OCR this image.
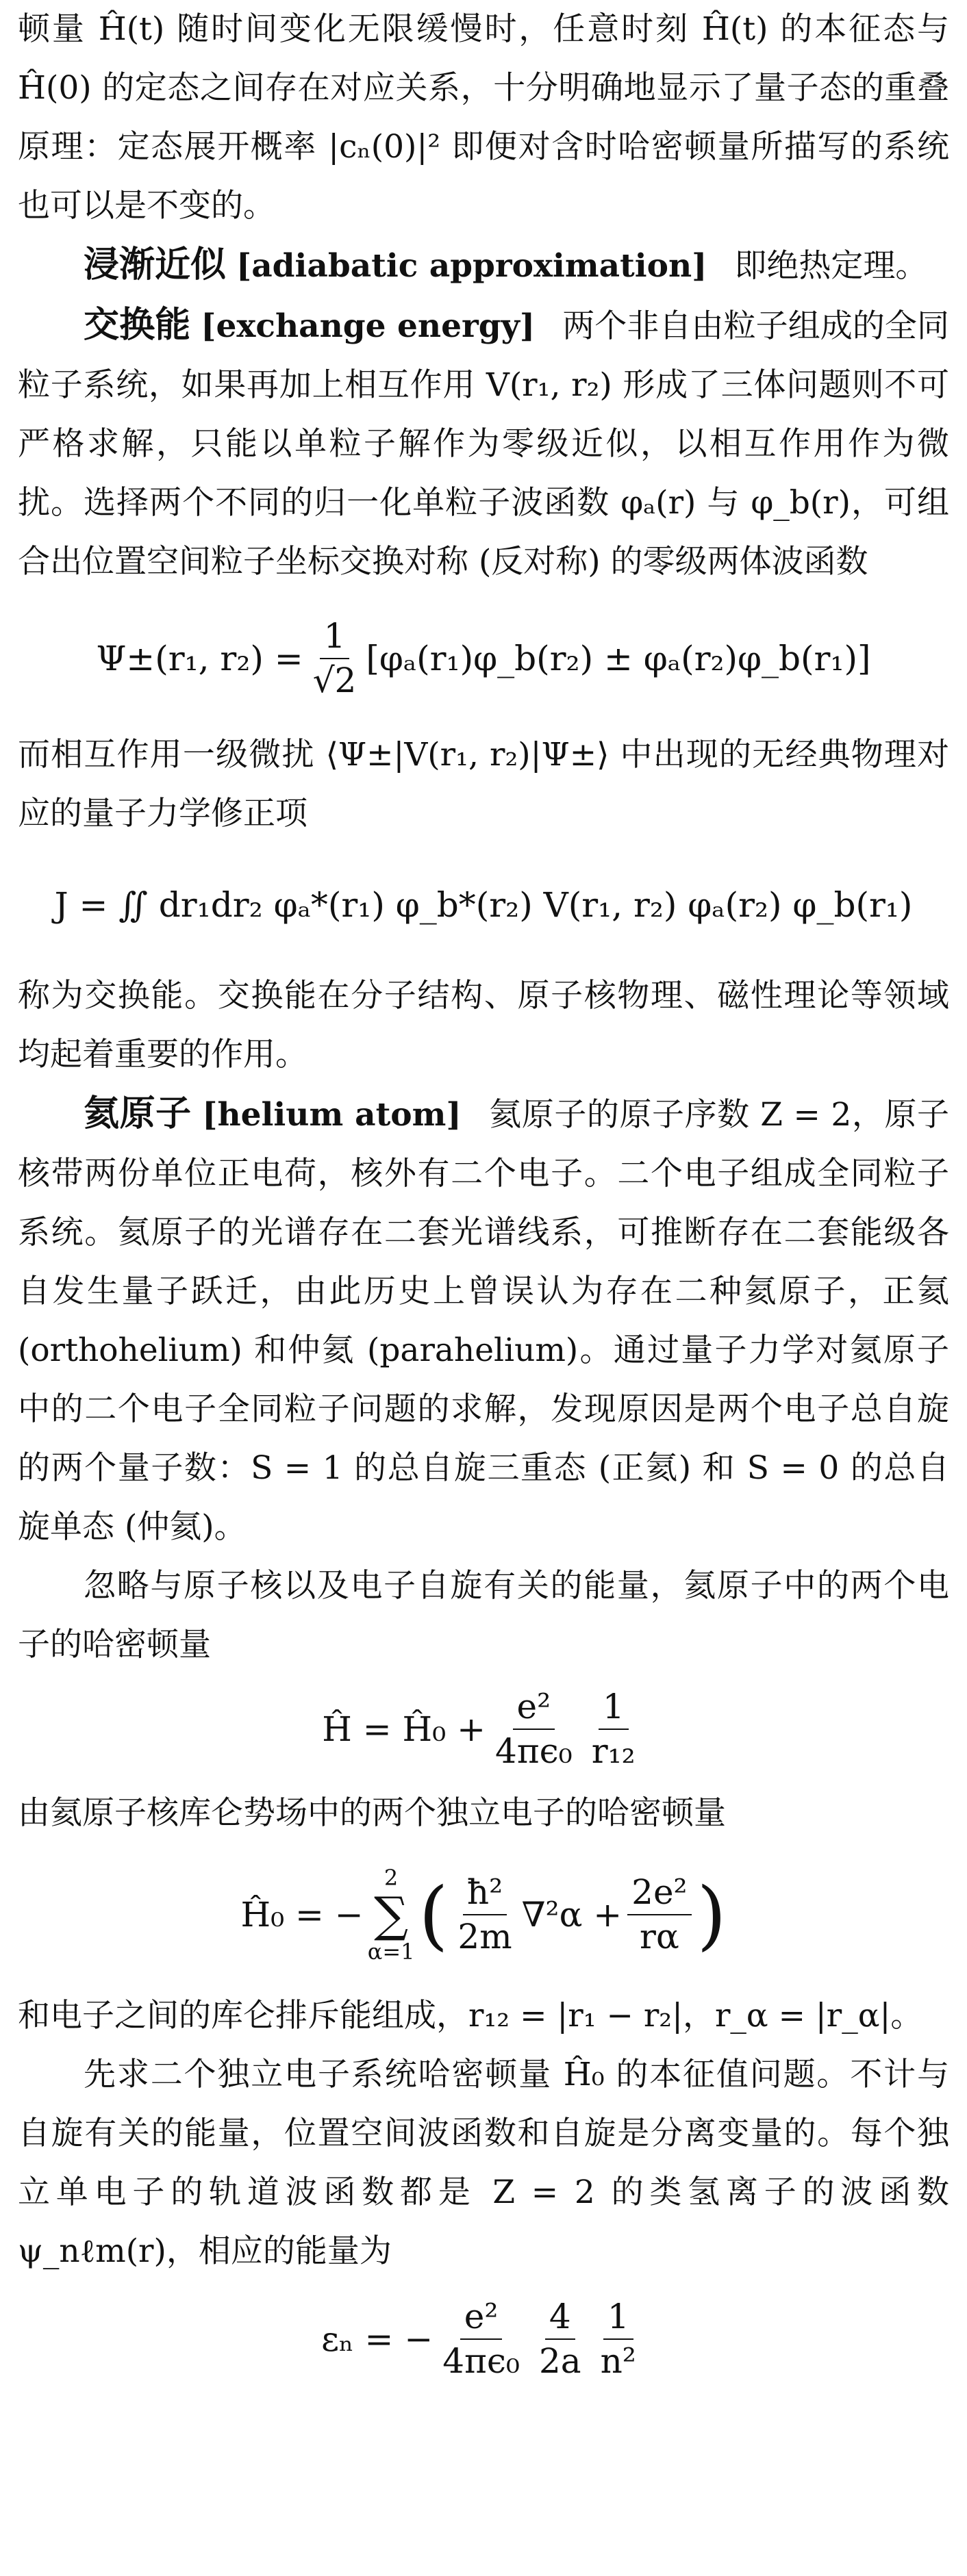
顿量 Ĥ(t) 随时间变化无限缓慢时，任意时刻 Ĥ(t) 的本征态与 Ĥ(0) 的定态之间存在对应关系，十分明确地显示了量子态的重叠原理：定态展开概率 |cₙ(0)|² 即便对含时哈密顿量所描写的系统也可以是不变的。

浸渐近似 [adiabatic approximation] 即绝热定理。

交换能 [exchange energy] 两个非自由粒子组成的全同粒子系统，如果再加上相互作用 V(r₁, r₂) 形成了三体问题则不可严格求解，只能以单粒子解作为零级近似，以相互作用作为微扰。选择两个不同的归一化单粒子波函数 φₐ(r) 与 φ_b(r)，可组合出位置空间粒子坐标交换对称 (反对称) 的零级两体波函数

Ψ±(r₁, $r_2) = \frac{1}{√2}$ [φₐ(r₁)φ_b(r₂) ± φₐ(r₂)φ_b(r₁)]

而相互作用一级微扰 ⟨Ψ±|V(r₁, r₂)|Ψ±⟩ 中出现的无经典物理对应的量子力学修正项

J = ∬ dr₁dr₂ φₐ*(r₁) φ_b*(r₂) V(r₁, r₂) φₐ(r₂) φ_b(r₁)

称为交换能。交换能在分子结构、原子核物理、磁性理论等领域均起着重要的作用。

氦原子 [helium atom] 氦原子的原子序数 Z = 2，原子核带两份单位正电荷，核外有二个电子。二个电子组成全同粒子系统。氦原子的光谱存在二套光谱线系，可推断存在二套能级各自发生量子跃迁，由此历史上曾误认为存在二种氦原子，正氦 (orthohelium) 和仲氦 (parahelium)。通过量子力学对氦原子中的二个电子全同粒子问题的求解，发现原因是两个电子总自旋的两个量子数：S = 1 的总自旋三重态 (正氦) 和 S = 0 的总自旋单态 (仲氦)。

忽略与原子核以及电子自旋有关的能量，氦原子中的两个电子的哈密顿量

Ĥ = Ĥ₀ + $\frac{\text{e²}}{\text{4πϵ₀}} \frac{1}{\text{r₁₂}}$

由氦原子核库仑势场中的两个独立电子的哈密顿量

Ĥ₀ = −
2
∑
α=1 ( $\frac{\text{ħ²}}{2m} \nabla^2\alpha + \frac{\text{2e²}}{r\alpha}$ )

和电子之间的库仑排斥能组成，r₁₂ = |r₁ − r₂|，r_α = |r_α|。

先求二个独立电子系统哈密顿量 Ĥ₀ 的本征值问题。不计与自旋有关的能量，位置空间波函数和自旋是分离变量的。每个独立单电子的轨道波函数都是 Z = 2 的类氢离子的波函数 ψ_nℓm(r)，相应的能量为

εₙ = − $\frac{\text{e²}}{\text{4πϵ₀}} \frac{4}{2a} \frac{1}{\text{n²}}$
